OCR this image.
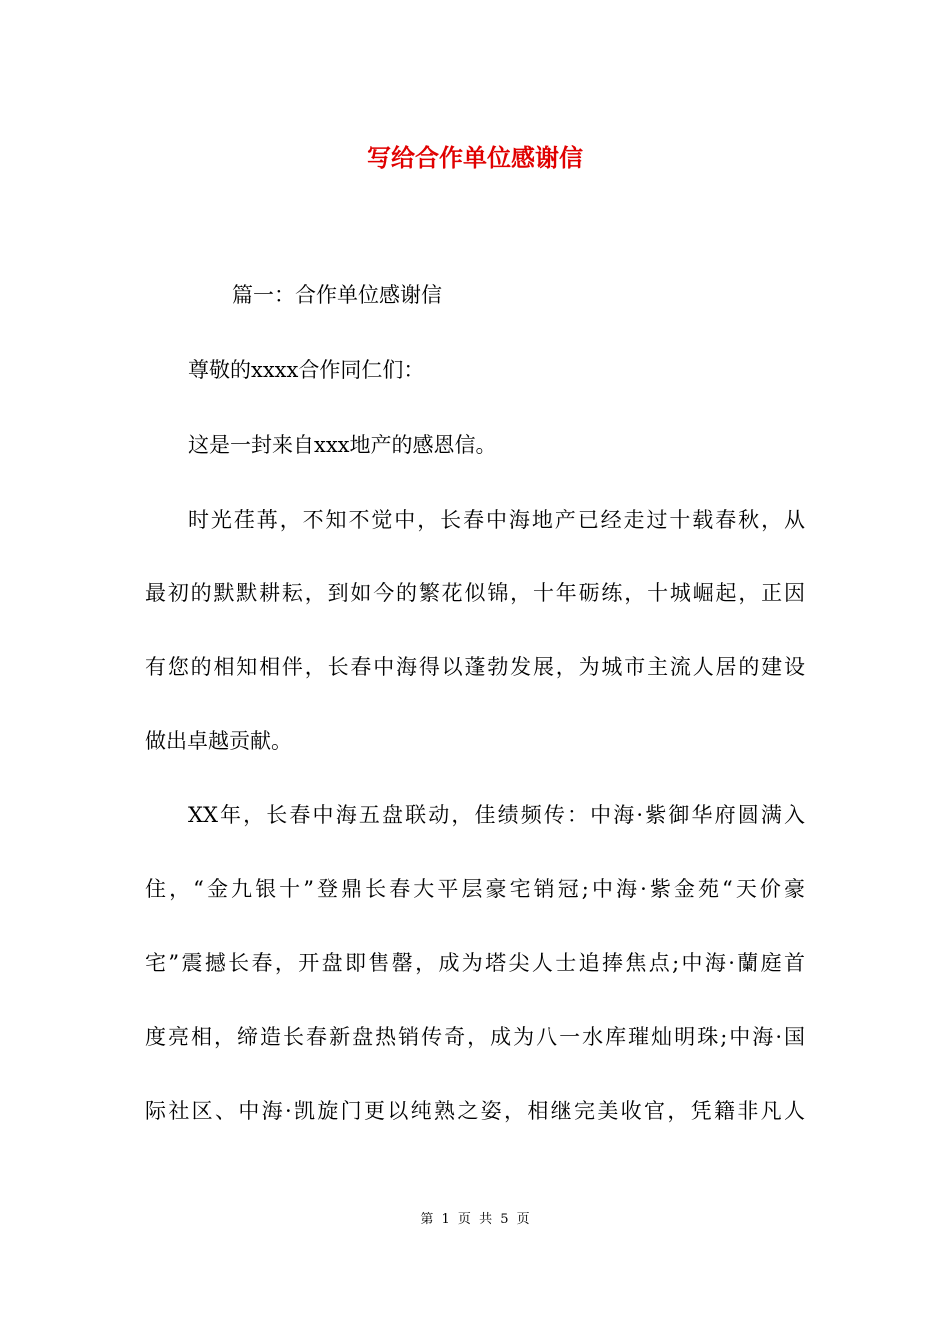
写给合作单位感谢信
篇一：合作单位感谢信
尊敬的xxxx合作同仁们：
这是一封来自xxx地产的感恩信。
时光荏苒，不知不觉中，长春中海地产已经走过十载春秋，从
最初的默默耕耘，到如今的繁花似锦，十年砺练，十城崛起，正因
有您的相知相伴，长春中海得以蓬勃发展，为城市主流人居的建设
做出卓越贡献。
XX年，长春中海五盘联动，佳绩频传：中海·紫御华府圆满入
住，“金九银十”登鼎长春大平层豪宅销冠;中海·紫金苑“天价豪
宅”震撼长春，开盘即售罄，成为塔尖人士追捧焦点;中海·蘭庭首
度亮相，缔造长春新盘热销传奇，成为八一水库璀灿明珠;中海·国
际社区、中海·凯旋门更以纯熟之姿，相继完美收官，凭籍非凡人
第 1 页 共 5 页
